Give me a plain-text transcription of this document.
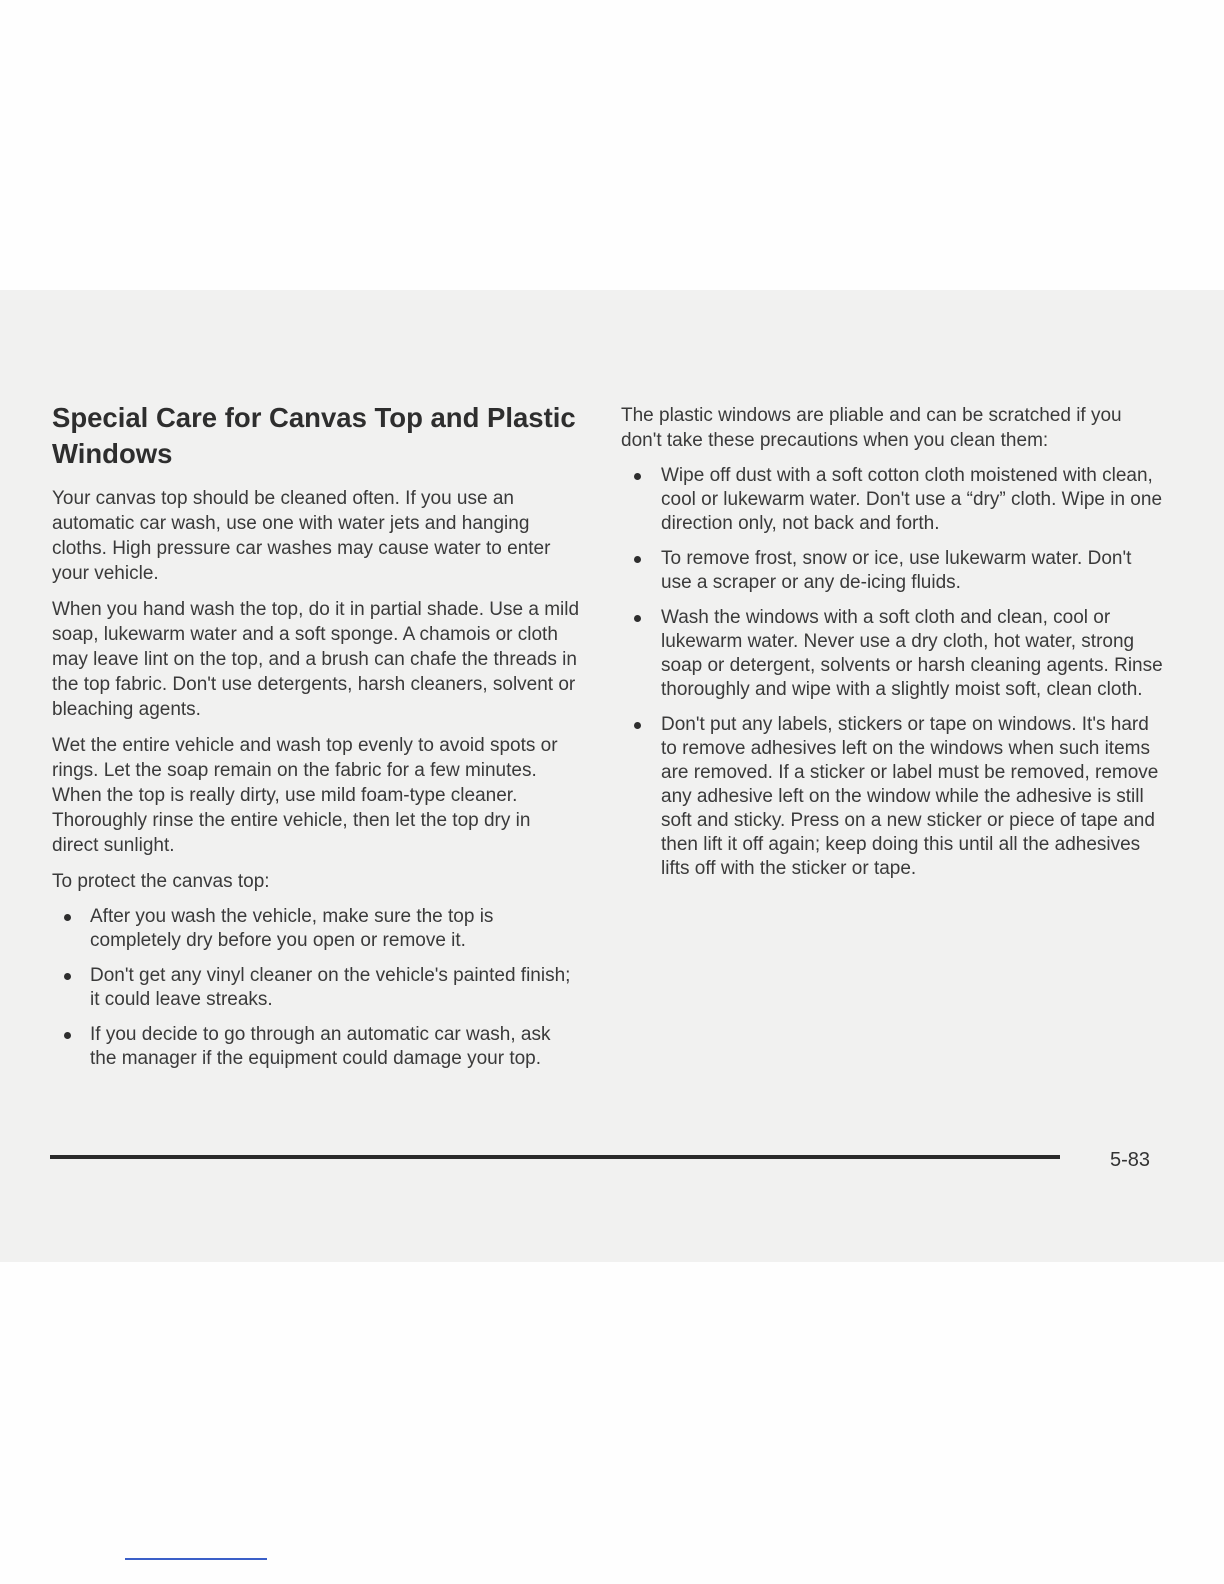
Special Care for Canvas Top and Plastic Windows

Your canvas top should be cleaned often. If you use an automatic car wash, use one with water jets and hanging cloths. High pressure car washes may cause water to enter your vehicle.

When you hand wash the top, do it in partial shade. Use a mild soap, lukewarm water and a soft sponge. A chamois or cloth may leave lint on the top, and a brush can chafe the threads in the top fabric. Don't use detergents, harsh cleaners, solvent or bleaching agents.

Wet the entire vehicle and wash top evenly to avoid spots or rings. Let the soap remain on the fabric for a few minutes. When the top is really dirty, use mild foam-type cleaner. Thoroughly rinse the entire vehicle, then let the top dry in direct sunlight.

To protect the canvas top:

After you wash the vehicle, make sure the top is completely dry before you open or remove it.
Don't get any vinyl cleaner on the vehicle's painted finish; it could leave streaks.
If you decide to go through an automatic car wash, ask the manager if the equipment could damage your top.

The plastic windows are pliable and can be scratched if you don't take these precautions when you clean them:

Wipe off dust with a soft cotton cloth moistened with clean, cool or lukewarm water. Don't use a “dry” cloth. Wipe in one direction only, not back and forth.
To remove frost, snow or ice, use lukewarm water. Don't use a scraper or any de-icing fluids.
Wash the windows with a soft cloth and clean, cool or lukewarm water. Never use a dry cloth, hot water, strong soap or detergent, solvents or harsh cleaning agents. Rinse thoroughly and wipe with a slightly moist soft, clean cloth.
Don't put any labels, stickers or tape on windows. It's hard to remove adhesives left on the windows when such items are removed. If a sticker or label must be removed, remove any adhesive left on the window while the adhesive is still soft and sticky. Press on a new sticker or piece of tape and then lift it off again; keep doing this until all the adhesives lifts off with the sticker or tape.
5-83
